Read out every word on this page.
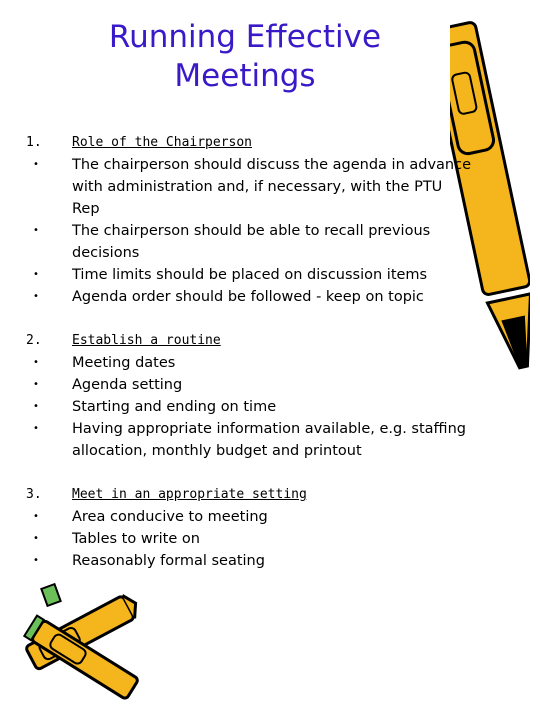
Running Effective
Meetings
1.	Role of the Chairperson
•	The chairperson should discuss the agenda in advance
with administration and, if necessary, with the PTU
Rep
•	The chairperson should be able to recall previous
decisions
•	Time limits should be placed on discussion items
•	Agenda order should be followed - keep on topic
2.	Establish a routine
•	Meeting dates
•	Agenda setting
•	Starting and ending on time
•	Having appropriate information available, e.g. staffing
allocation, monthly budget and printout
3.	Meet in an appropriate setting
•	Area conducive to meeting
•	Tables to write on
•	Reasonably formal seating
